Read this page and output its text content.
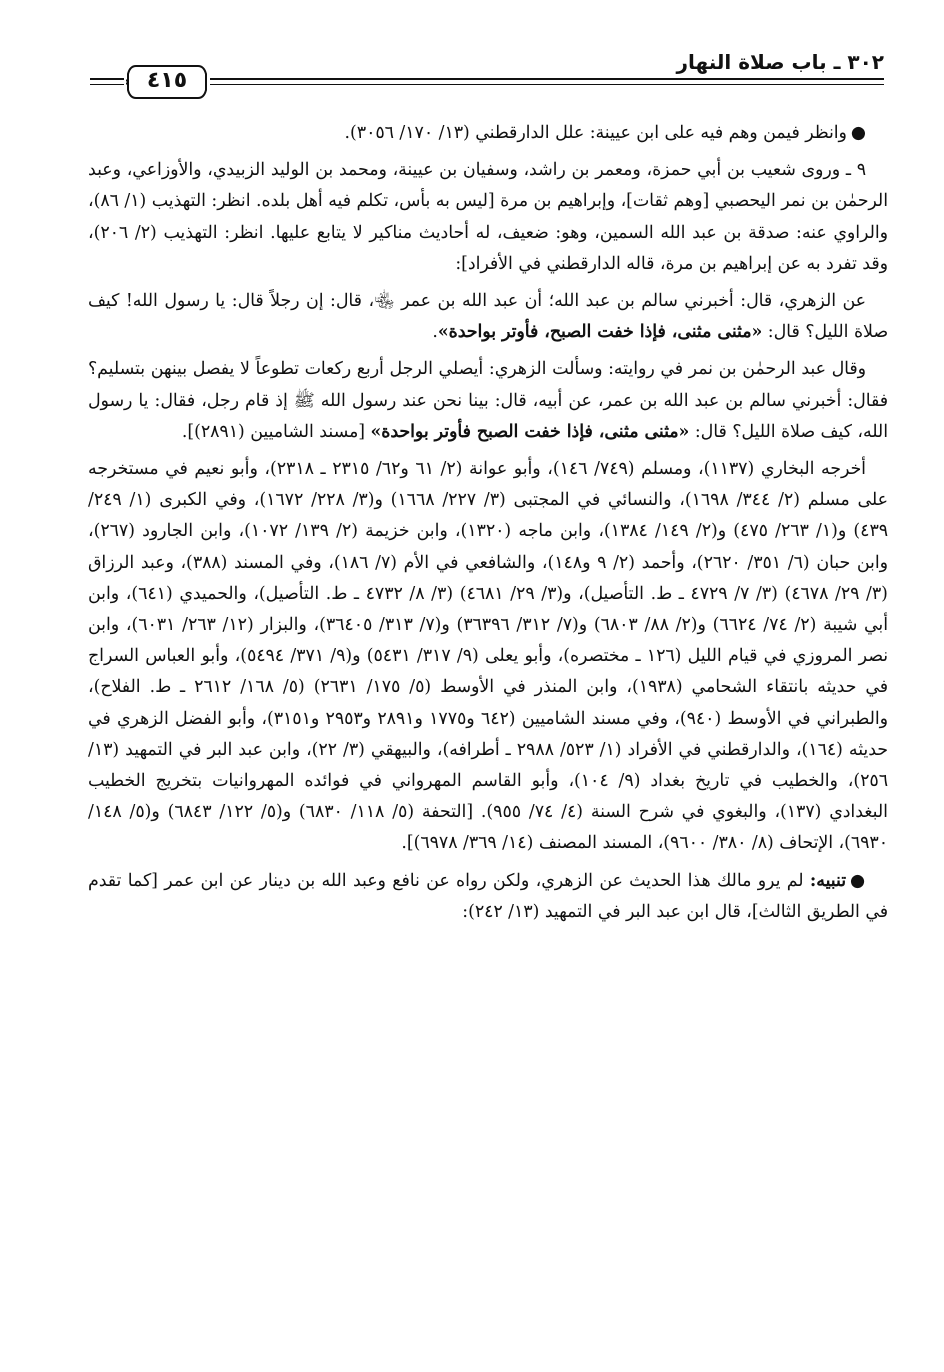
٣٠٢ ـ باب صلاة النهار
٤١٥

●وانظر فيمن وهم فيه على ابن عيينة: علل الدارقطني (١٣/ ١٧٠/ ٣٠٥٦).

٩ ـ وروى شعيب بن أبي حمزة، ومعمر بن راشد، وسفيان بن عيينة، ومحمد بن الوليد الزبيدي، والأوزاعي، وعبد الرحمٰن بن نمر اليحصبي [وهم ثقات]، وإبراهيم بن مرة [ليس به بأس، تكلم فيه أهل بلده. انظر: التهذيب (١/ ٨٦)، والراوي عنه: صدقة بن عبد الله السمين، وهو: ضعيف، له أحاديث مناكير لا يتابع عليها. انظر: التهذيب (٢/ ٢٠٦)، وقد تفرد به عن إبراهيم بن مرة، قاله الدارقطني في الأفراد]:

عن الزهري، قال: أخبرني سالم بن عبد الله؛ أن عبد الله بن عمر ﵄، قال: إن رجلاً قال: يا رسول الله! كيف صلاة الليل؟ قال: «مثنى مثنى، فإذا خفت الصبح، فأوتر بواحدة».

وقال عبد الرحمٰن بن نمر في روايته: وسألت الزهري: أيصلي الرجل أربع ركعات تطوعاً لا يفصل بينهن بتسليم؟ فقال: أخبرني سالم بن عبد الله بن عمر، عن أبيه، قال: بينا نحن عند رسول الله ﷺ إذ قام رجل، فقال: يا رسول الله، كيف صلاة الليل؟ قال: «مثنى مثنى، فإذا خفت الصبح فأوتر بواحدة» [مسند الشاميين (٢٨٩١)].

أخرجه البخاري (١١٣٧)، ومسلم (٧٤٩/ ١٤٦)، وأبو عوانة (٢/ ٦١ و٦٢/ ٢٣١٥ ـ ٢٣١٨)، وأبو نعيم في مستخرجه على مسلم (٢/ ٣٤٤/ ١٦٩٨)، والنسائي في المجتبى (٣/ ٢٢٧/ ١٦٦٨) و(٣/ ٢٢٨/ ١٦٧٢)، وفي الكبرى (١/ ٢٤٩/ ٤٣٩) و(١/ ٢٦٣/ ٤٧٥) و(٢/ ١٤٩/ ١٣٨٤)، وابن ماجه (١٣٢٠)، وابن خزيمة (٢/ ١٣٩/ ١٠٧٢)، وابن الجارود (٢٦٧)، وابن حبان (٦/ ٣٥١/ ٢٦٢٠)، وأحمد (٢/ ٩ و١٤٨)، والشافعي في الأم (٧/ ١٨٦)، وفي المسند (٣٨٨)، وعبد الرزاق (٣/ ٢٩/ ٤٦٧٨) (٣/ ٧/ ٤٧٢٩ ـ ط. التأصيل)، و(٣/ ٢٩/ ٤٦٨١) (٣/ ٨/ ٤٧٣٢ ـ ط. التأصيل)، والحميدي (٦٤١)، وابن أبي شيبة (٢/ ٧٤/ ٦٦٢٤) و(٢/ ٨٨/ ٦٨٠٣) و(٧/ ٣١٢/ ٣٦٣٩٦) و(٧/ ٣١٣/ ٣٦٤٠٥)، والبزار (١٢/ ٢٦٣/ ٦٠٣١)، وابن نصر المروزي في قيام الليل (١٢٦ ـ مختصره)، وأبو يعلى (٩/ ٣١٧/ ٥٤٣١) و(٩/ ٣٧١/ ٥٤٩٤)، وأبو العباس السراج في حديثه بانتقاء الشحامي (١٩٣٨)، وابن المنذر في الأوسط (٥/ ١٧٥/ ٢٦٣١) (٥/ ١٦٨/ ٢٦١٢ ـ ط. الفلاح)، والطبراني في الأوسط (٩٤٠)، وفي مسند الشاميين (٦٤٢ و١٧٧٥ و٢٨٩١ و٢٩٥٣ و٣١٥١)، وأبو الفضل الزهري في حديثه (١٦٤)، والدارقطني في الأفراد (١/ ٥٢٣/ ٢٩٨٨ ـ أطرافه)، والبيهقي (٣/ ٢٢)، وابن عبد البر في التمهيد (١٣/ ٢٥٦)، والخطيب في تاريخ بغداد (٩/ ١٠٤)، وأبو القاسم المهرواني في فوائده المهروانيات بتخريج الخطيب البغدادي (١٣٧)، والبغوي في شرح السنة (٤/ ٧٤/ ٩٥٥). [التحفة (٥/ ١١٨/ ٦٨٣٠) و(٥/ ١٢٢/ ٦٨٤٣) و(٥/ ١٤٨/ ٦٩٣٠)، الإتحاف (٨/ ٣٨٠/ ٩٦٠٠)، المسند المصنف (١٤/ ٣٦٩/ ٦٩٧٨)].

●تنبيه: لم يرو مالك هذا الحديث عن الزهري، ولكن رواه عن نافع وعبد الله بن دينار عن ابن عمر [كما تقدم في الطريق الثالث]، قال ابن عبد البر في التمهيد (١٣/ ٢٤٢):
